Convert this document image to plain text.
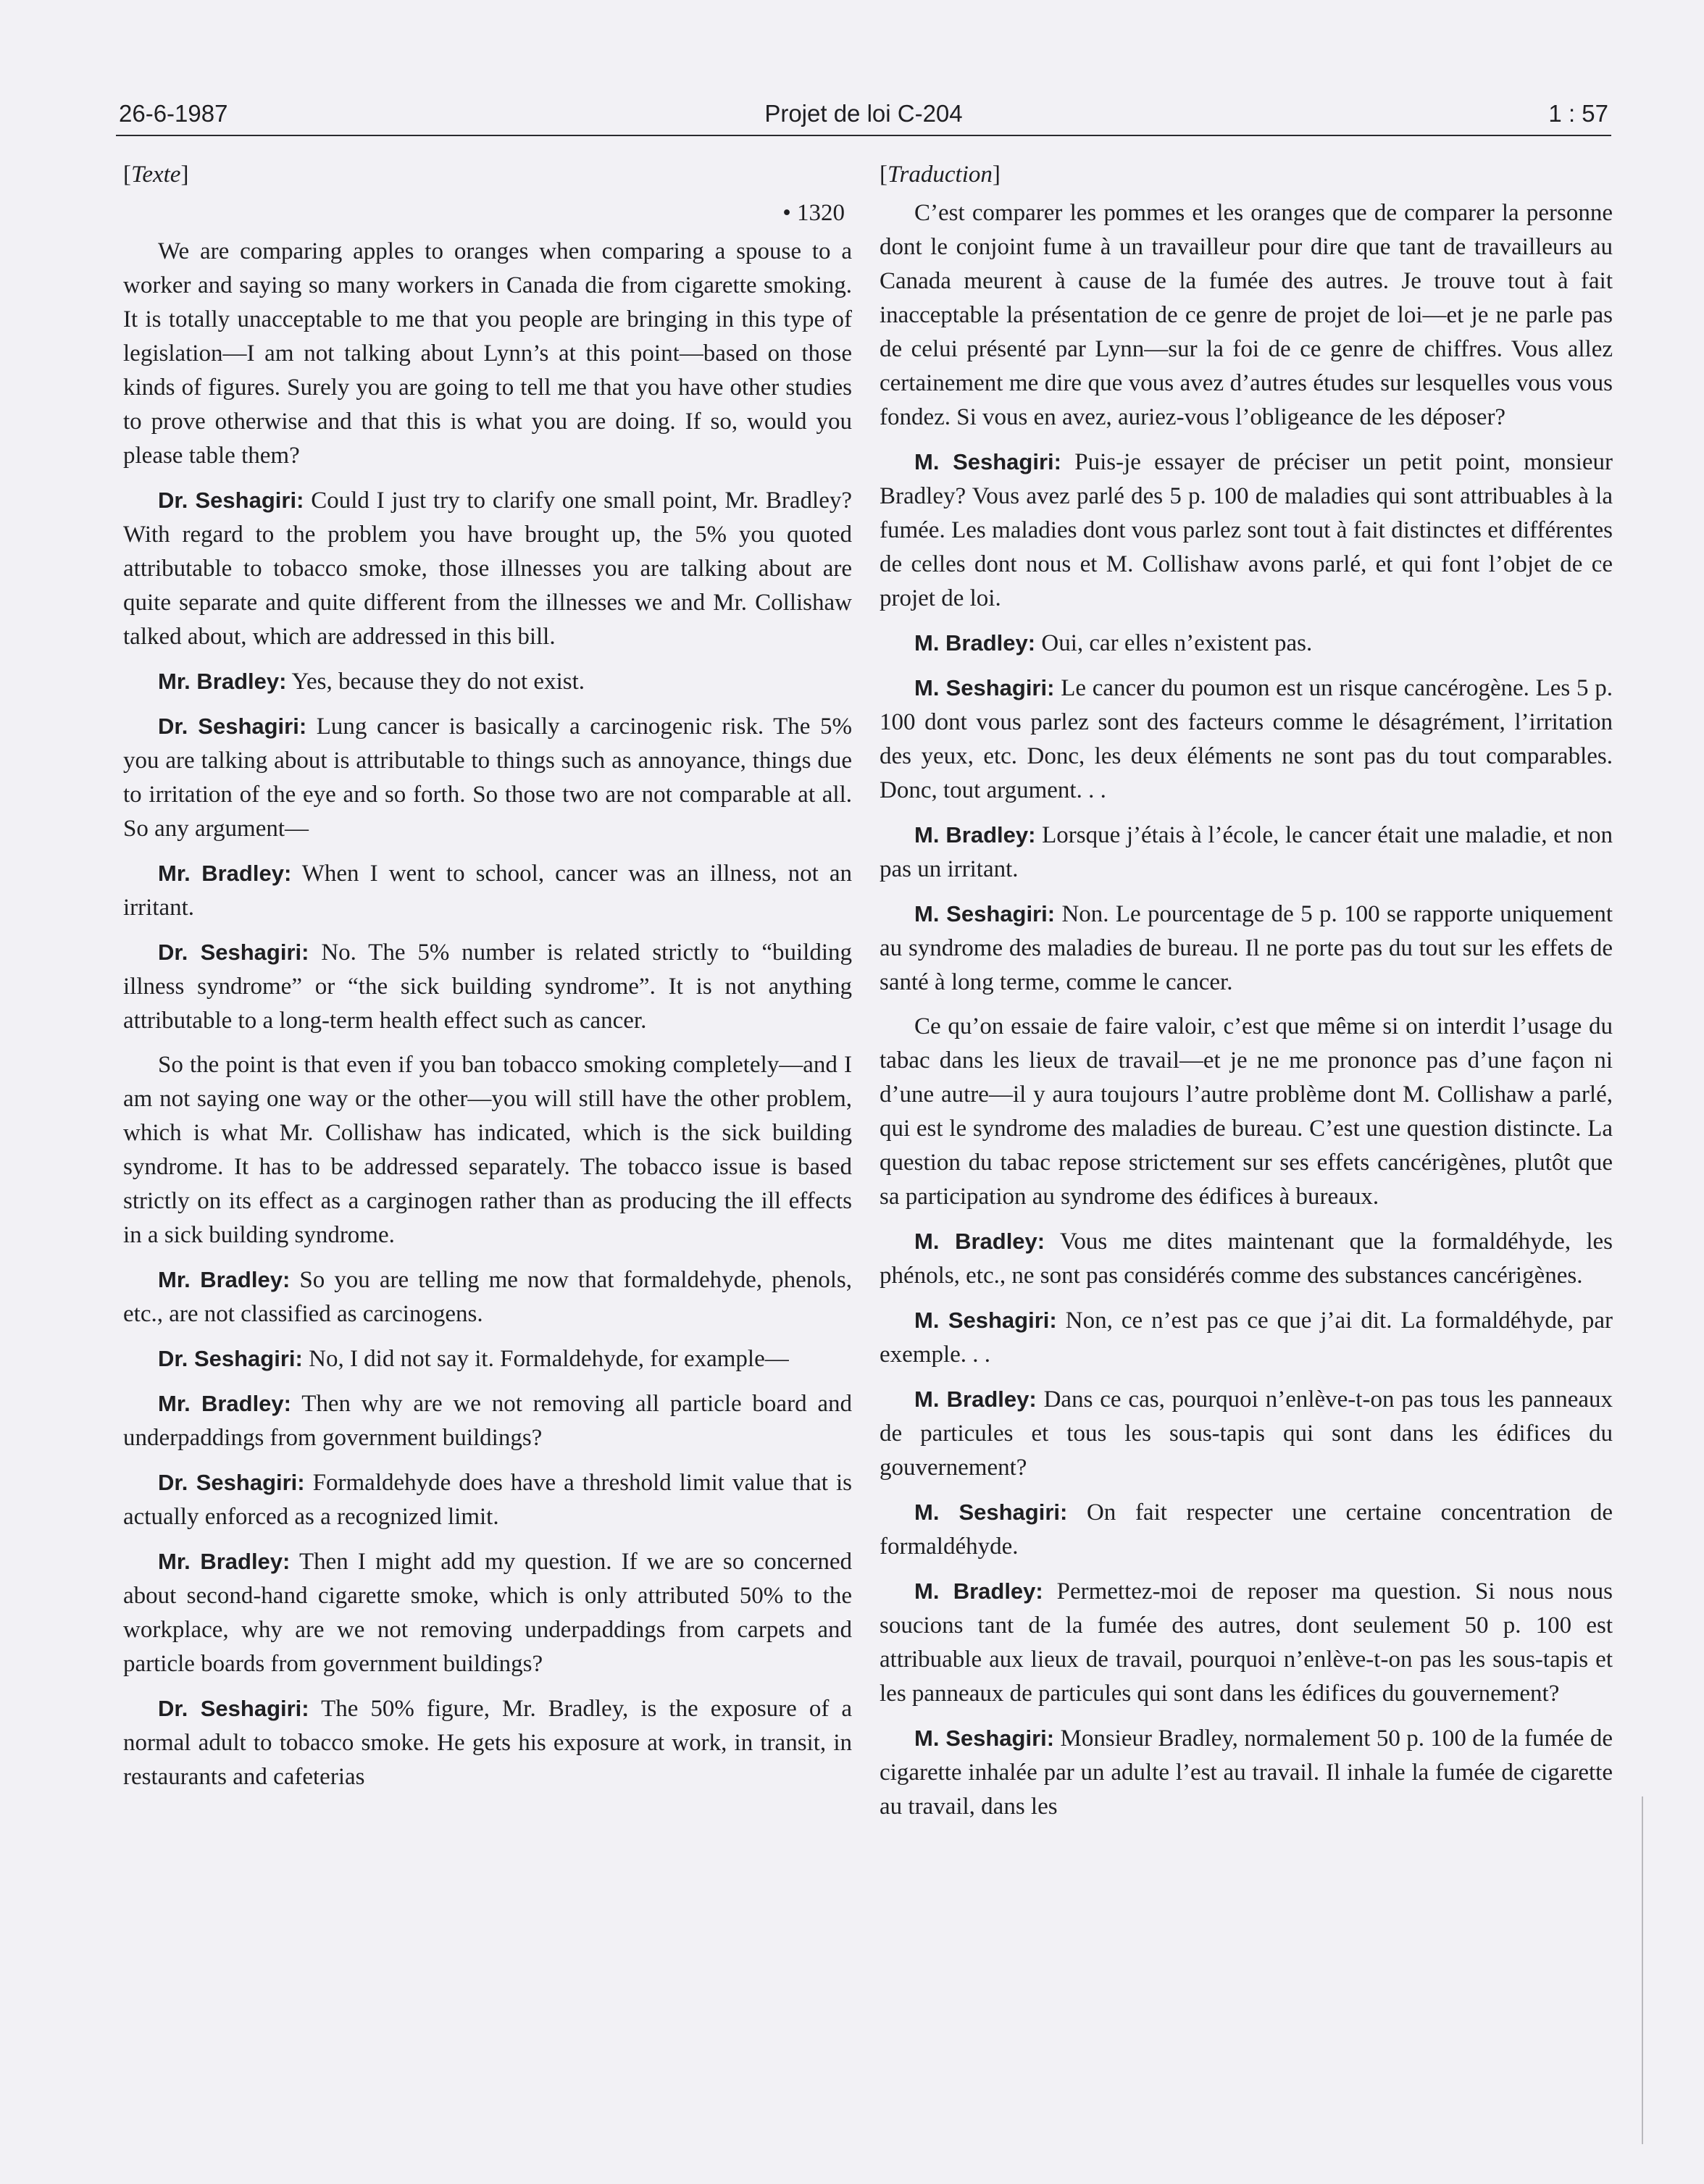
26-6-1987	Projet de loi C-204	1 : 57
[Texte]
• 1320

We are comparing apples to oranges when comparing a spouse to a worker and saying so many workers in Canada die from cigarette smoking. It is totally unacceptable to me that you people are bringing in this type of legislation—I am not talking about Lynn’s at this point—based on those kinds of figures. Surely you are going to tell me that you have other studies to prove otherwise and that this is what you are doing. If so, would you please table them?

Dr. Seshagiri: Could I just try to clarify one small point, Mr. Bradley? With regard to the problem you have brought up, the 5% you quoted attributable to tobacco smoke, those illnesses you are talking about are quite separate and quite different from the illnesses we and Mr. Collishaw talked about, which are addressed in this bill.

Mr. Bradley: Yes, because they do not exist.

Dr. Seshagiri: Lung cancer is basically a carcinogenic risk. The 5% you are talking about is attributable to things such as annoyance, things due to irritation of the eye and so forth. So those two are not comparable at all. So any argument—

Mr. Bradley: When I went to school, cancer was an illness, not an irritant.

Dr. Seshagiri: No. The 5% number is related strictly to “building illness syndrome” or “the sick building syndrome”. It is not anything attributable to a long-term health effect such as cancer.

So the point is that even if you ban tobacco smoking completely—and I am not saying one way or the other—you will still have the other problem, which is what Mr. Collishaw has indicated, which is the sick building syndrome. It has to be addressed separately. The tobacco issue is based strictly on its effect as a carginogen rather than as producing the ill effects in a sick building syndrome.

Mr. Bradley: So you are telling me now that formaldehyde, phenols, etc., are not classified as carcinogens.

Dr. Seshagiri: No, I did not say it. Formaldehyde, for example—

Mr. Bradley: Then why are we not removing all particle board and underpaddings from government buildings?

Dr. Seshagiri: Formaldehyde does have a threshold limit value that is actually enforced as a recognized limit.

Mr. Bradley: Then I might add my question. If we are so concerned about second-hand cigarette smoke, which is only attributed 50% to the workplace, why are we not removing underpaddings from carpets and particle boards from government buildings?

Dr. Seshagiri: The 50% figure, Mr. Bradley, is the exposure of a normal adult to tobacco smoke. He gets his exposure at work, in transit, in restaurants and cafeterias

[Traduction]

C’est comparer les pommes et les oranges que de comparer la personne dont le conjoint fume à un travailleur pour dire que tant de travailleurs au Canada meurent à cause de la fumée des autres. Je trouve tout à fait inacceptable la présentation de ce genre de projet de loi—et je ne parle pas de celui présenté par Lynn—sur la foi de ce genre de chiffres. Vous allez certainement me dire que vous avez d’autres études sur lesquelles vous vous fondez. Si vous en avez, auriez-vous l’obligeance de les déposer?

M. Seshagiri: Puis-je essayer de préciser un petit point, monsieur Bradley? Vous avez parlé des 5 p. 100 de maladies qui sont attribuables à la fumée. Les maladies dont vous parlez sont tout à fait distinctes et différentes de celles dont nous et M. Collishaw avons parlé, et qui font l’objet de ce projet de loi.

M. Bradley: Oui, car elles n’existent pas.

M. Seshagiri: Le cancer du poumon est un risque cancérogène. Les 5 p. 100 dont vous parlez sont des facteurs comme le désagrément, l’irritation des yeux, etc. Donc, les deux éléments ne sont pas du tout comparables. Donc, tout argument. . .

M. Bradley: Lorsque j’étais à l’école, le cancer était une maladie, et non pas un irritant.

M. Seshagiri: Non. Le pourcentage de 5 p. 100 se rapporte uniquement au syndrome des maladies de bureau. Il ne porte pas du tout sur les effets de santé à long terme, comme le cancer.

Ce qu’on essaie de faire valoir, c’est que même si on interdit l’usage du tabac dans les lieux de travail—et je ne me prononce pas d’une façon ni d’une autre—il y aura toujours l’autre problème dont M. Collishaw a parlé, qui est le syndrome des maladies de bureau. C’est une question distincte. La question du tabac repose strictement sur ses effets cancérigènes, plutôt que sa participation au syndrome des édifices à bureaux.

M. Bradley: Vous me dites maintenant que la formaldéhyde, les phénols, etc., ne sont pas considérés comme des substances cancérigènes.

M. Seshagiri: Non, ce n’est pas ce que j’ai dit. La formaldéhyde, par exemple. . .

M. Bradley: Dans ce cas, pourquoi n’enlève-t-on pas tous les panneaux de particules et tous les sous-tapis qui sont dans les édifices du gouvernement?

M. Seshagiri: On fait respecter une certaine concentration de formaldéhyde.

M. Bradley: Permettez-moi de reposer ma question. Si nous nous soucions tant de la fumée des autres, dont seulement 50 p. 100 est attribuable aux lieux de travail, pourquoi n’enlève-t-on pas les sous-tapis et les panneaux de particules qui sont dans les édifices du gouvernement?

M. Seshagiri: Monsieur Bradley, normalement 50 p. 100 de la fumée de cigarette inhalée par un adulte l’est au travail. Il inhale la fumée de cigarette au travail, dans les
